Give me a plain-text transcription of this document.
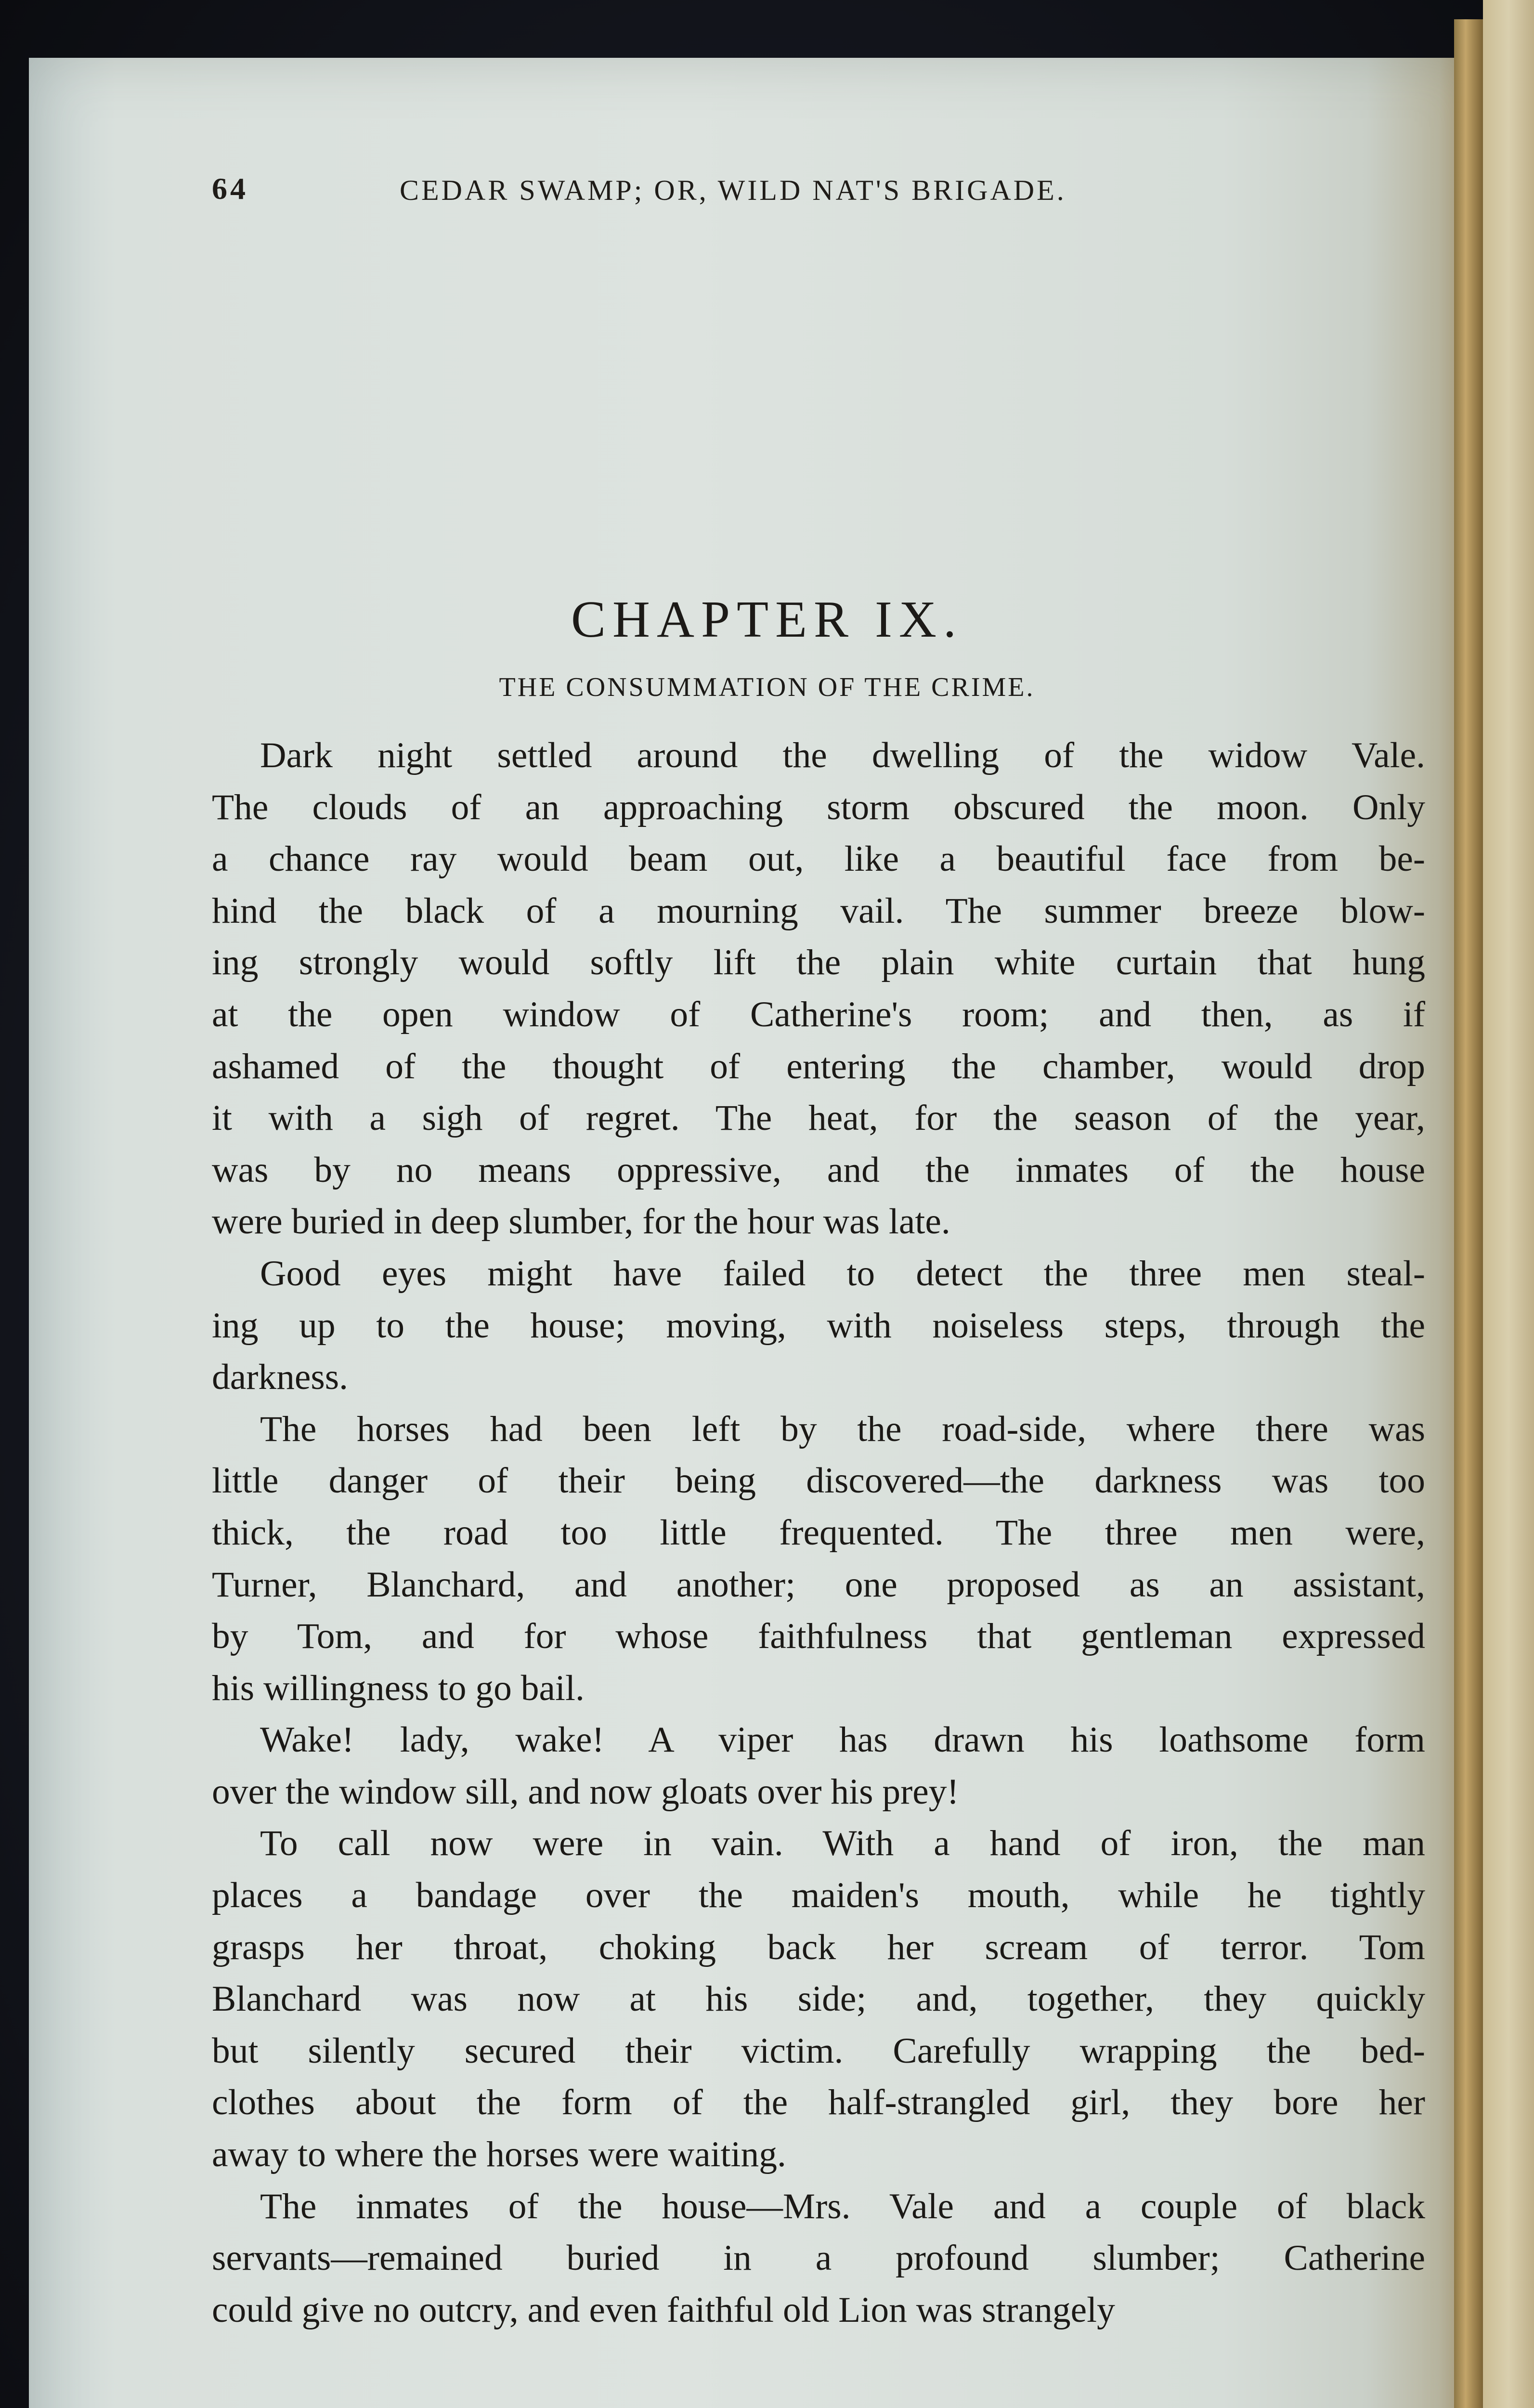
64	CEDAR SWAMP; OR, WILD NAT'S BRIGADE.
CHAPTER IX.
THE CONSUMMATION OF THE CRIME.
Dark night settled around the dwelling of the widow Vale.
The clouds of an approaching storm obscured the moon. Only
a chance ray would beam out, like a beautiful face from be-
hind the black of a mourning vail. The summer breeze blow-
ing strongly would softly lift the plain white curtain that hung
at the open window of Catherine's room; and then, as if
ashamed of the thought of entering the chamber, would drop
it with a sigh of regret. The heat, for the season of the year,
was by no means oppressive, and the inmates of the house
were buried in deep slumber, for the hour was late.
Good eyes might have failed to detect the three men steal-
ing up to the house; moving, with noiseless steps, through the
darkness.
The horses had been left by the road-side, where there was
little danger of their being discovered—the darkness was too
thick, the road too little frequented. The three men were,
Turner, Blanchard, and another; one proposed as an assistant,
by Tom, and for whose faithfulness that gentleman expressed
his willingness to go bail.
Wake! lady, wake! A viper has drawn his loathsome form
over the window sill, and now gloats over his prey!
To call now were in vain. With a hand of iron, the man
places a bandage over the maiden's mouth, while he tightly
grasps her throat, choking back her scream of terror. Tom
Blanchard was now at his side; and, together, they quickly
but silently secured their victim. Carefully wrapping the bed-
clothes about the form of the half-strangled girl, they bore her
away to where the horses were waiting.
The inmates of the house—Mrs. Vale and a couple of black
servants—remained buried in a profound slumber; Catherine
could give no outcry, and even faithful old Lion was strangely
